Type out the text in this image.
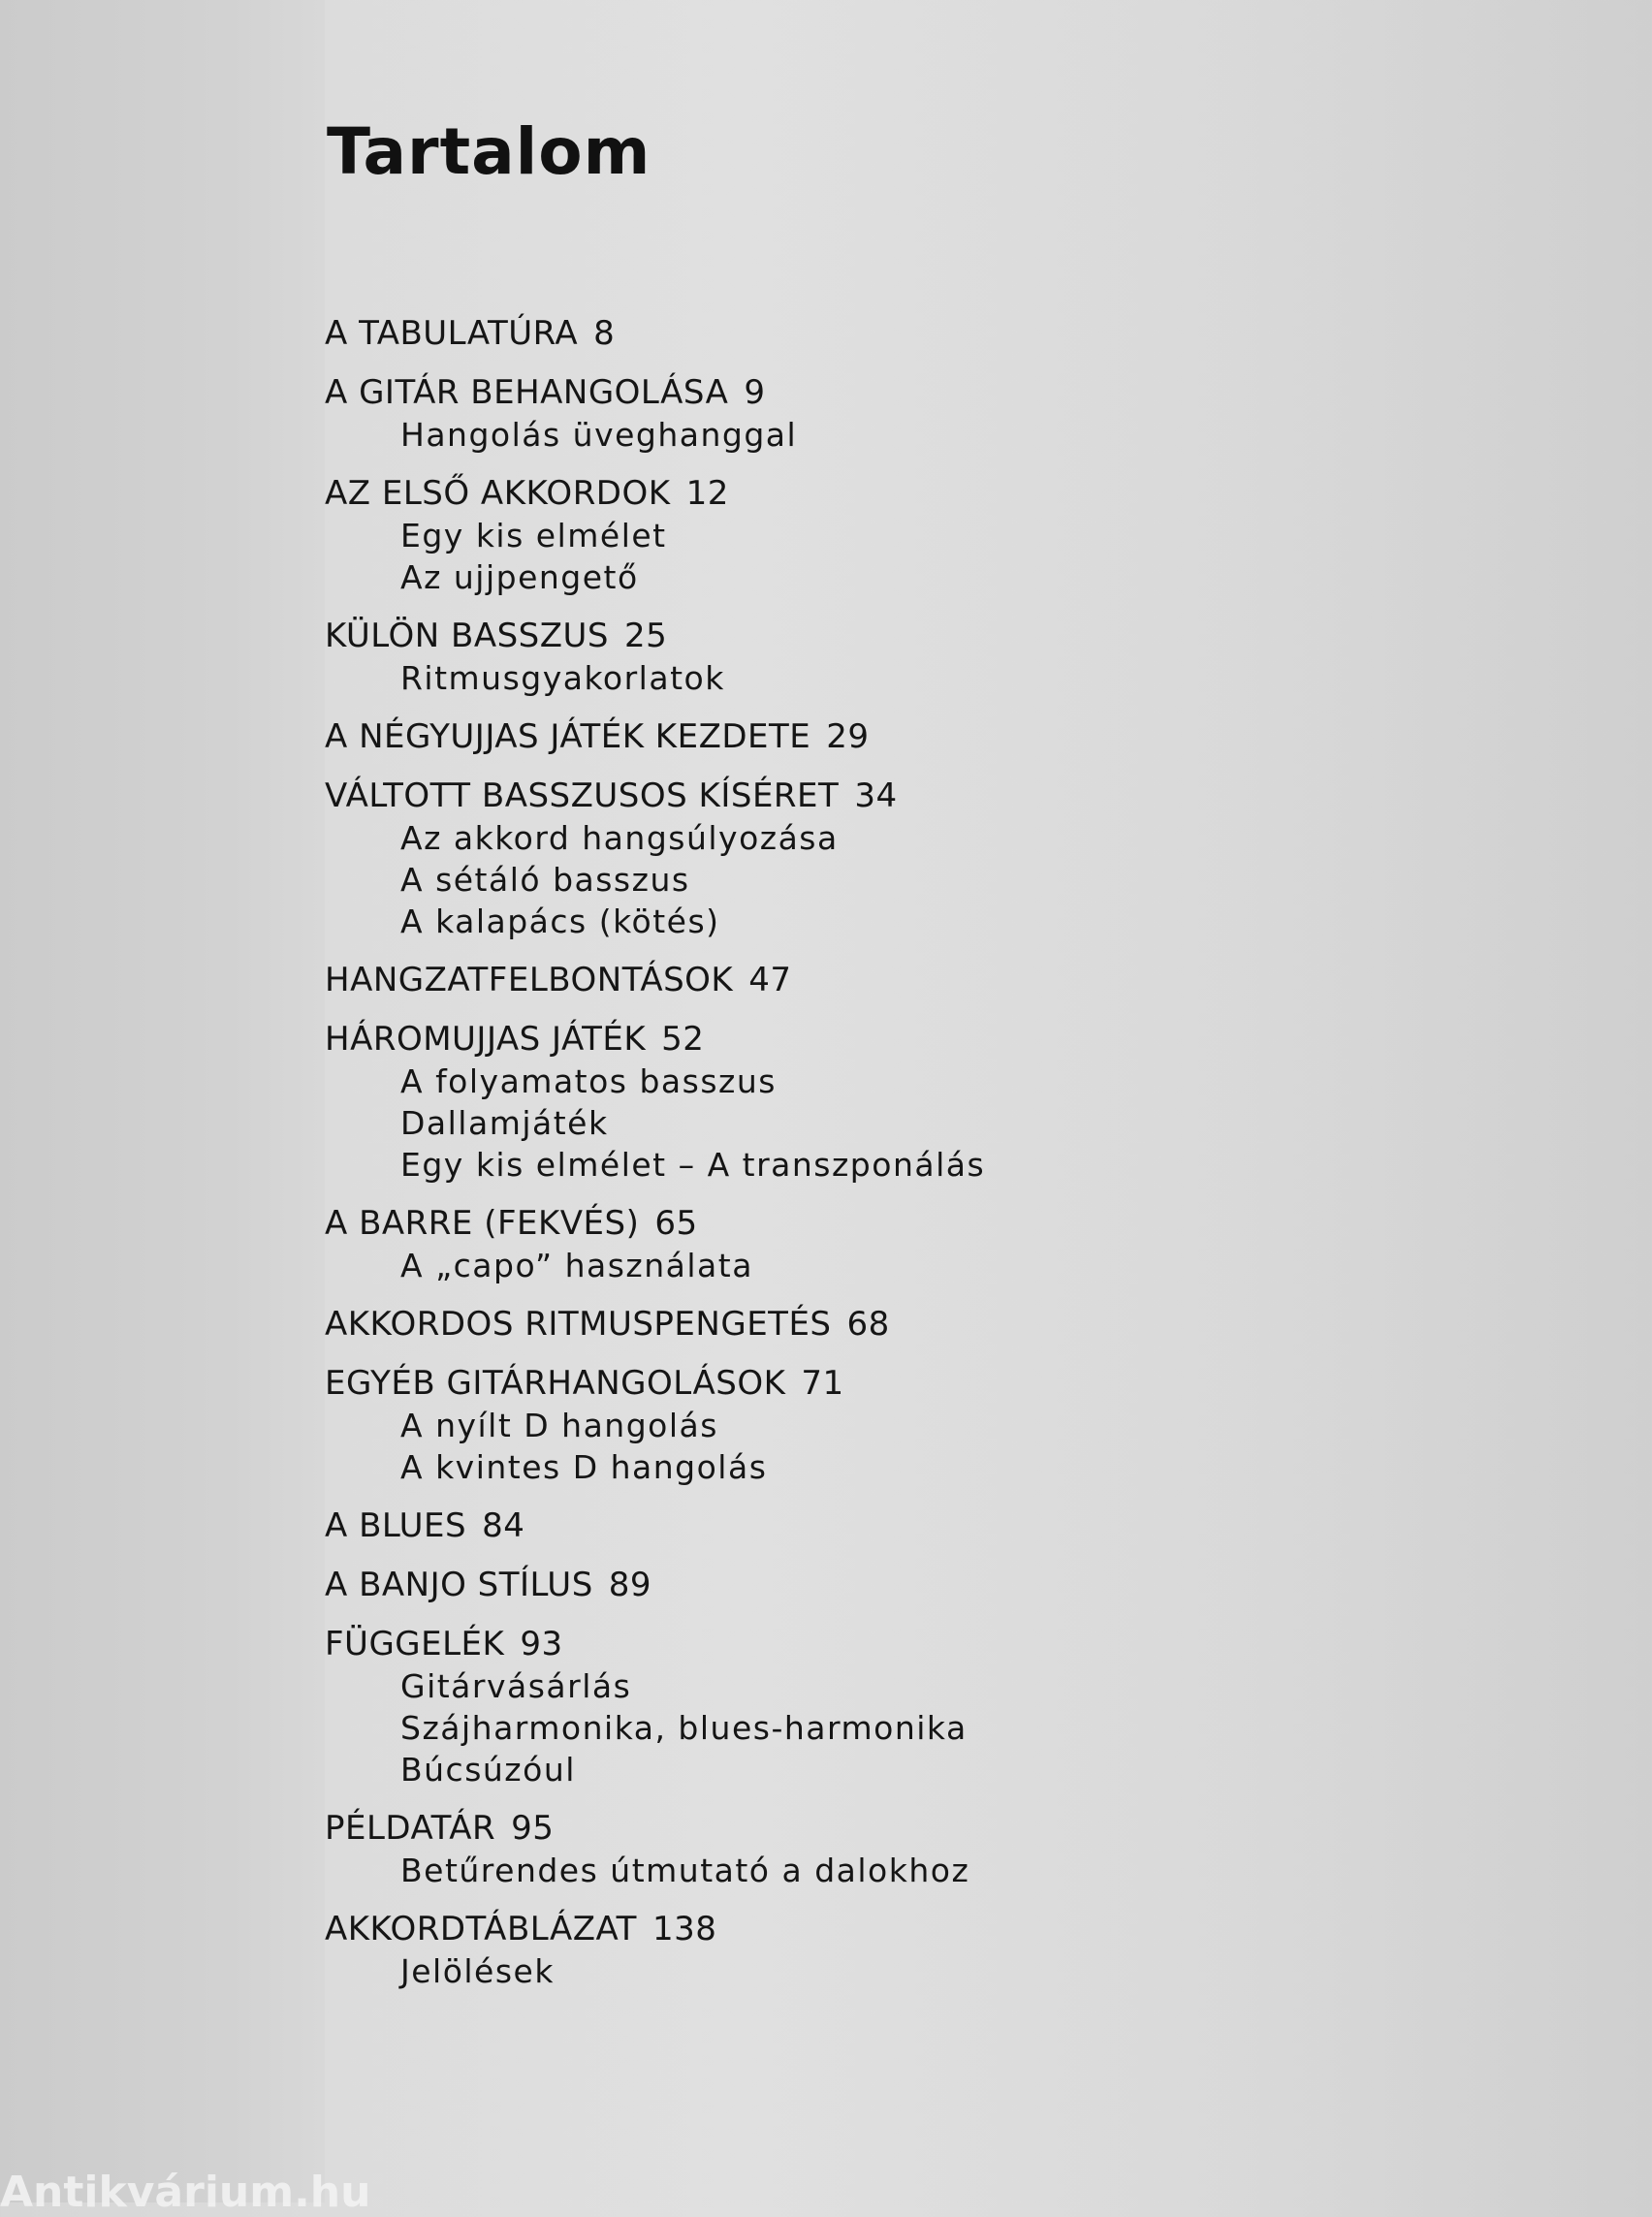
Tartalom
A TABULATÚRA 8
A GITÁR BEHANGOLÁSA 9
Hangolás üveghanggal
AZ ELSŐ AKKORDOK 12
Egy kis elmélet
Az ujjpengető
KÜLÖN BASSZUS 25
Ritmusgyakorlatok
A NÉGYUJJAS JÁTÉK KEZDETE 29
VÁLTOTT BASSZUSOS KÍSÉRET 34
Az akkord hangsúlyozása
A sétáló basszus
A kalapács (kötés)
HANGZATFELBONTÁSOK 47
HÁROMUJJAS JÁTÉK 52
A folyamatos basszus
Dallamjáték
Egy kis elmélet – A transzponálás
A BARRE (FEKVÉS) 65
A „capo” használata
AKKORDOS RITMUSPENGETÉS 68
EGYÉB GITÁRHANGOLÁSOK 71
A nyílt D hangolás
A kvintes D hangolás
A BLUES 84
A BANJO STÍLUS 89
FÜGGELÉK 93
Gitárvásárlás
Szájharmonika, blues-harmonika
Búcsúzóul
PÉLDATÁR 95
Betűrendes útmutató a dalokhoz
AKKORDTÁBLÁZAT 138
Jelölések
Antikvárium.hu
